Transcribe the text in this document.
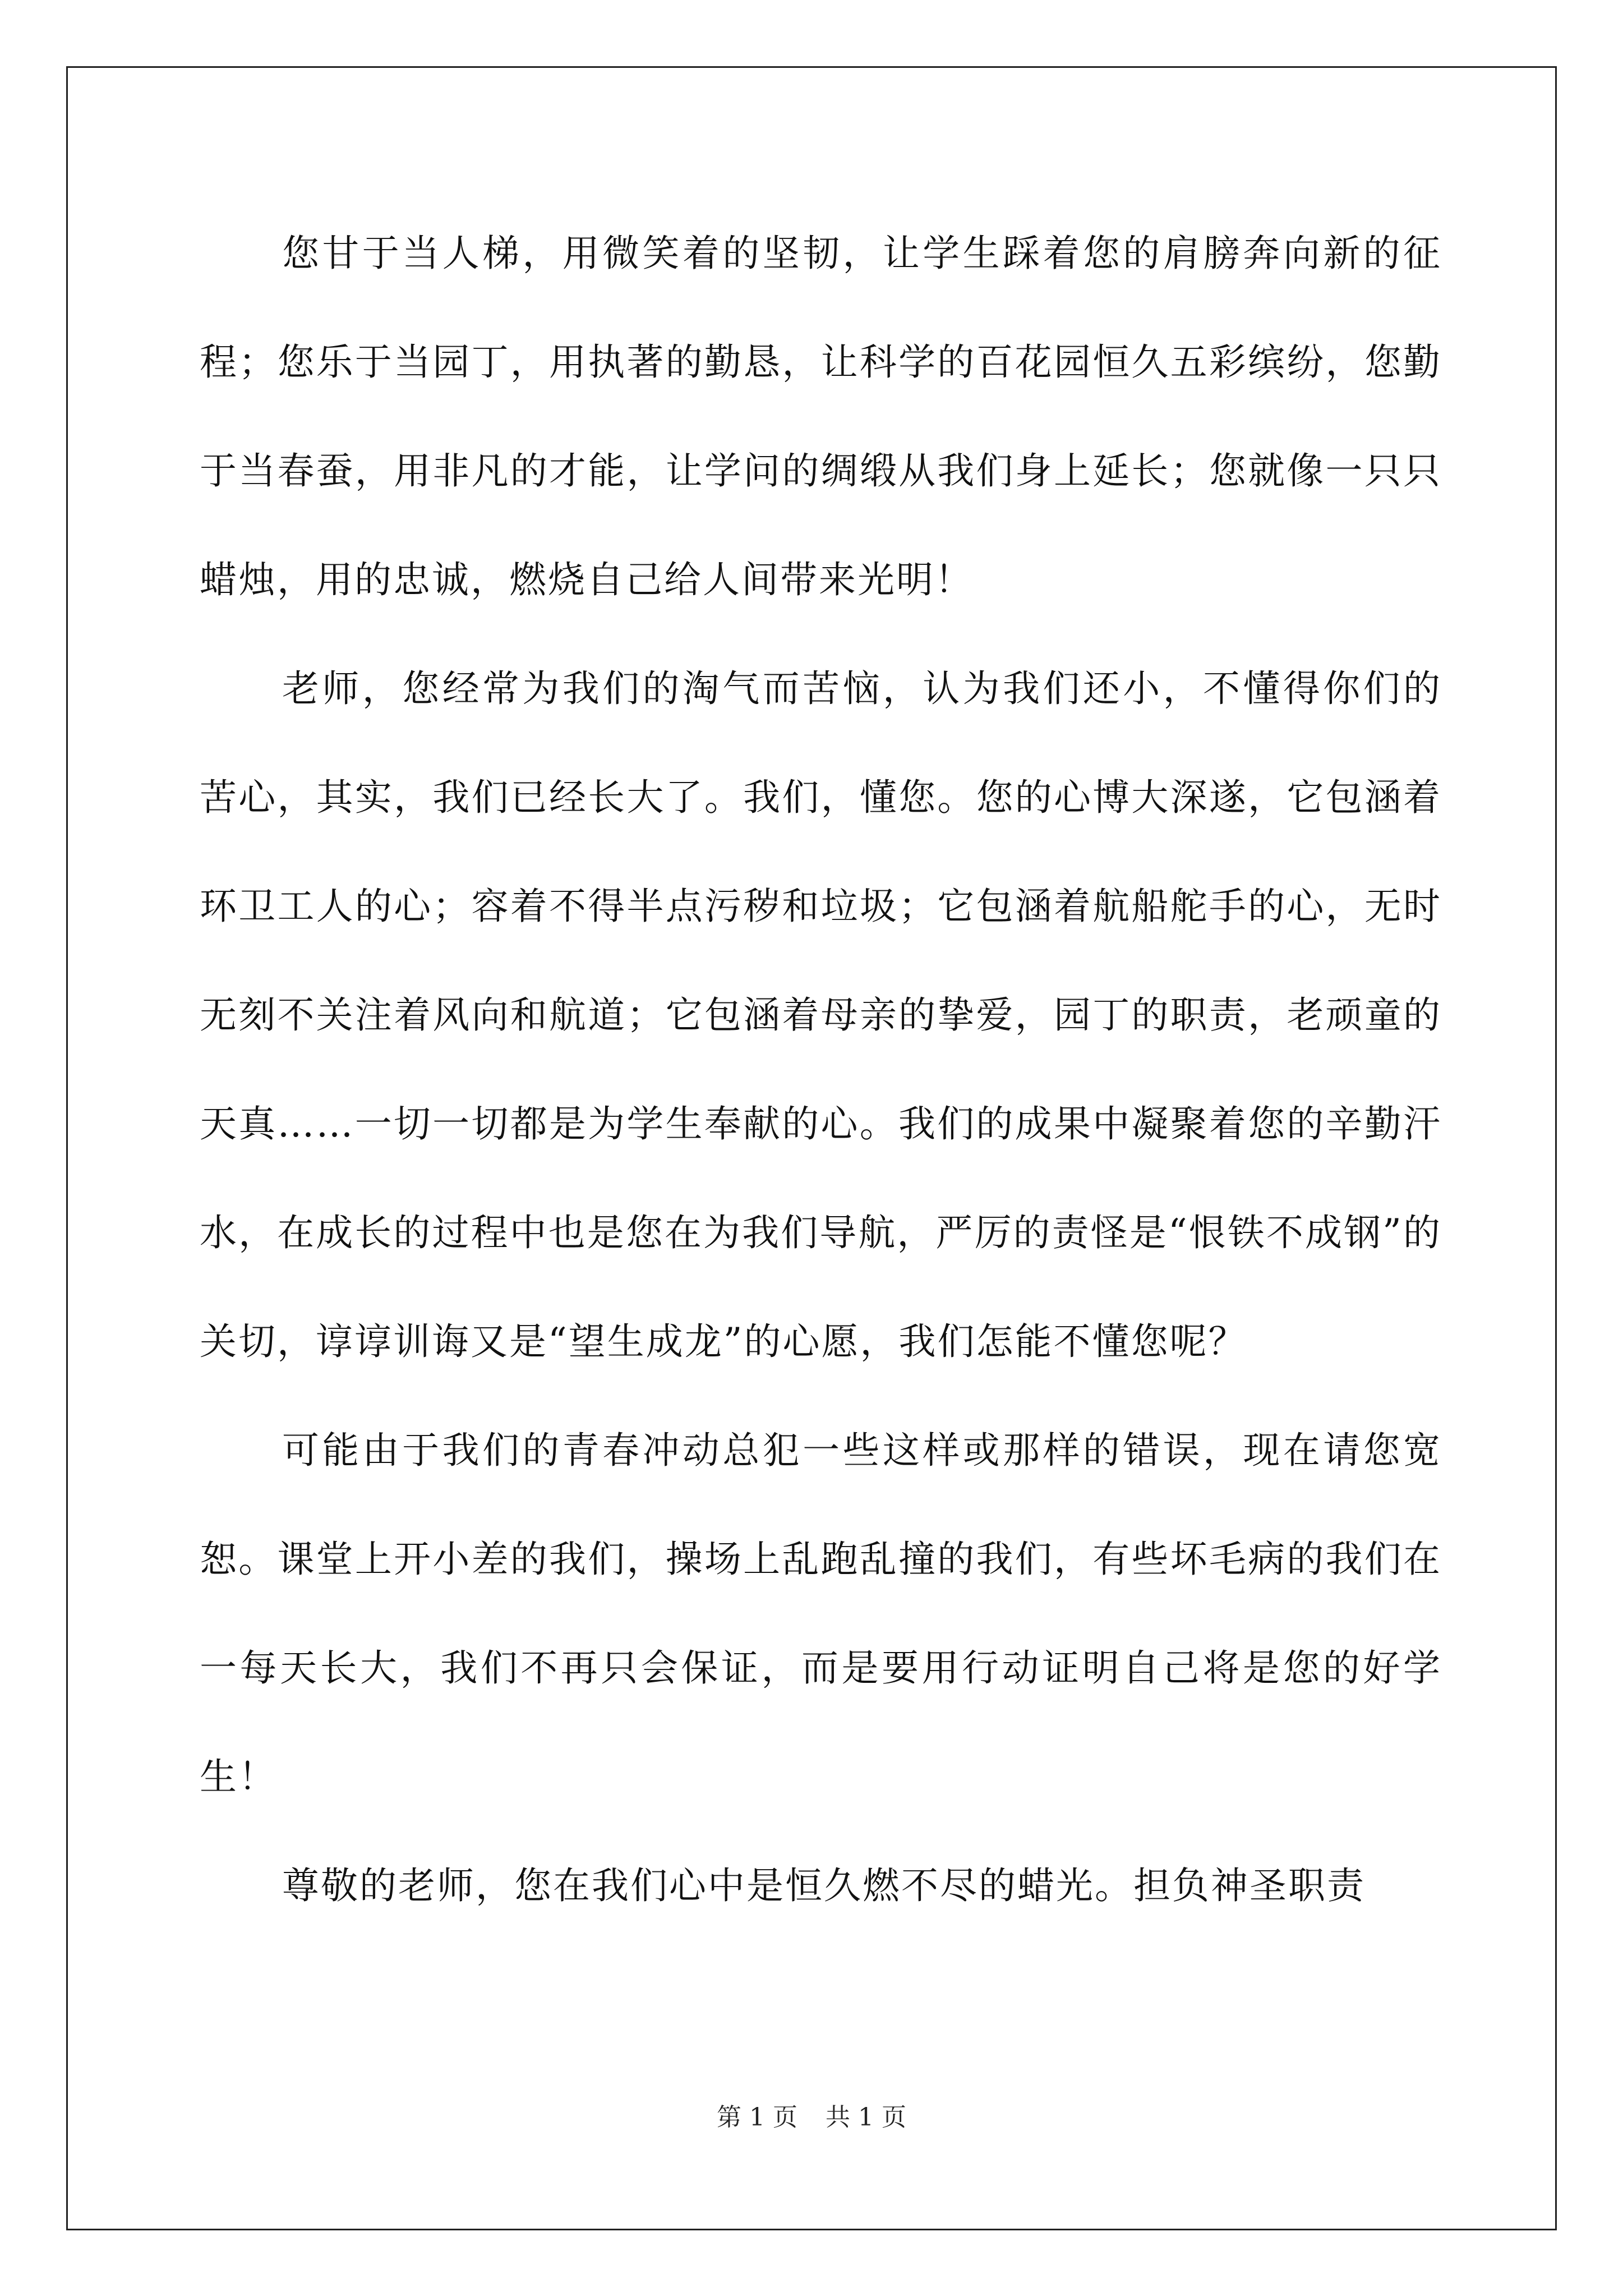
您甘于当人梯，用微笑着的坚韧，让学生踩着您的肩膀奔向新的征程；您乐于当园丁，用执著的勤恳，让科学的百花园恒久五彩缤纷，您勤于当春蚕，用非凡的才能，让学问的绸缎从我们身上延长；您就像一只只蜡烛，用的忠诚，燃烧自己给人间带来光明！

老师，您经常为我们的淘气而苦恼，认为我们还小，不懂得你们的苦心，其实，我们已经长大了。我们，懂您。您的心博大深遂，它包涵着环卫工人的心；容着不得半点污秽和垃圾；它包涵着航船舵手的心，无时无刻不关注着风向和航道；它包涵着母亲的挚爱，园丁的职责，老顽童的天真……一切一切都是为学生奉献的心。我们的成果中凝聚着您的辛勤汗水，在成长的过程中也是您在为我们导航，严厉的责怪是“恨铁不成钢”的关切，谆谆训诲又是“望生成龙”的心愿，我们怎能不懂您呢？

可能由于我们的青春冲动总犯一些这样或那样的错误，现在请您宽恕。课堂上开小差的我们，操场上乱跑乱撞的我们，有些坏毛病的我们在一每天长大，我们不再只会保证，而是要用行动证明自己将是您的好学生！

尊敬的老师，您在我们心中是恒久燃不尽的蜡光。担负神圣职责

第 1 页 共 1 页
